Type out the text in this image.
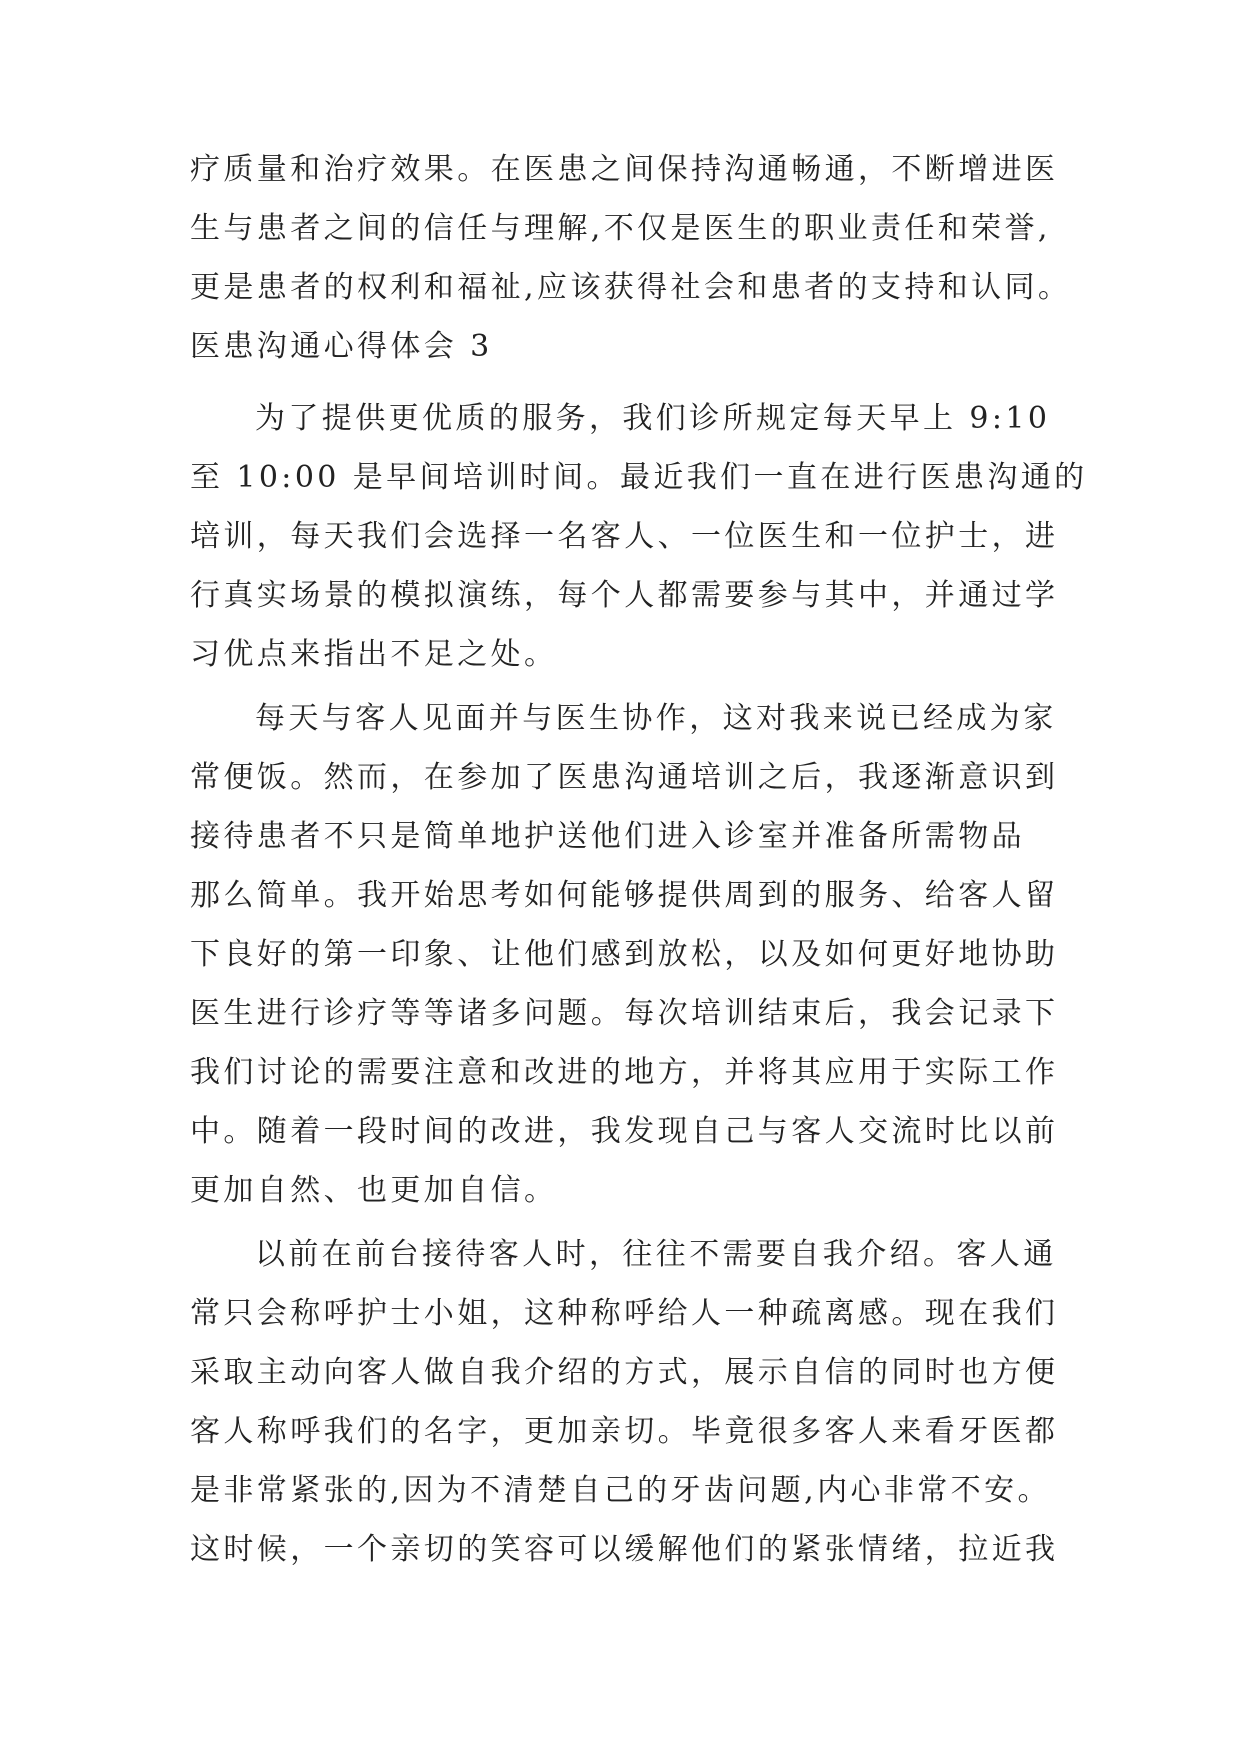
疗质量和治疗效果。在医患之间保持沟通畅通，不断增进医
生与患者之间的信任与理解,不仅是医生的职业责任和荣誉,
更是患者的权利和福祉,应该获得社会和患者的支持和认同。
医患沟通心得体会 3
为了提供更优质的服务，我们诊所规定每天早上 9:10
至 10:00 是早间培训时间。最近我们一直在进行医患沟通的
培训，每天我们会选择一名客人、一位医生和一位护士，进
行真实场景的模拟演练，每个人都需要参与其中，并通过学
习优点来指出不足之处。
每天与客人见面并与医生协作，这对我来说已经成为家
常便饭。然而，在参加了医患沟通培训之后，我逐渐意识到
接待患者不只是简单地护送他们进入诊室并准备所需物品
那么简单。我开始思考如何能够提供周到的服务、给客人留
下良好的第一印象、让他们感到放松，以及如何更好地协助
医生进行诊疗等等诸多问题。每次培训结束后，我会记录下
我们讨论的需要注意和改进的地方，并将其应用于实际工作
中。随着一段时间的改进，我发现自己与客人交流时比以前
更加自然、也更加自信。
以前在前台接待客人时，往往不需要自我介绍。客人通
常只会称呼护士小姐，这种称呼给人一种疏离感。现在我们
采取主动向客人做自我介绍的方式，展示自信的同时也方便
客人称呼我们的名字，更加亲切。毕竟很多客人来看牙医都
是非常紧张的,因为不清楚自己的牙齿问题,内心非常不安。
这时候，一个亲切的笑容可以缓解他们的紧张情绪，拉近我
